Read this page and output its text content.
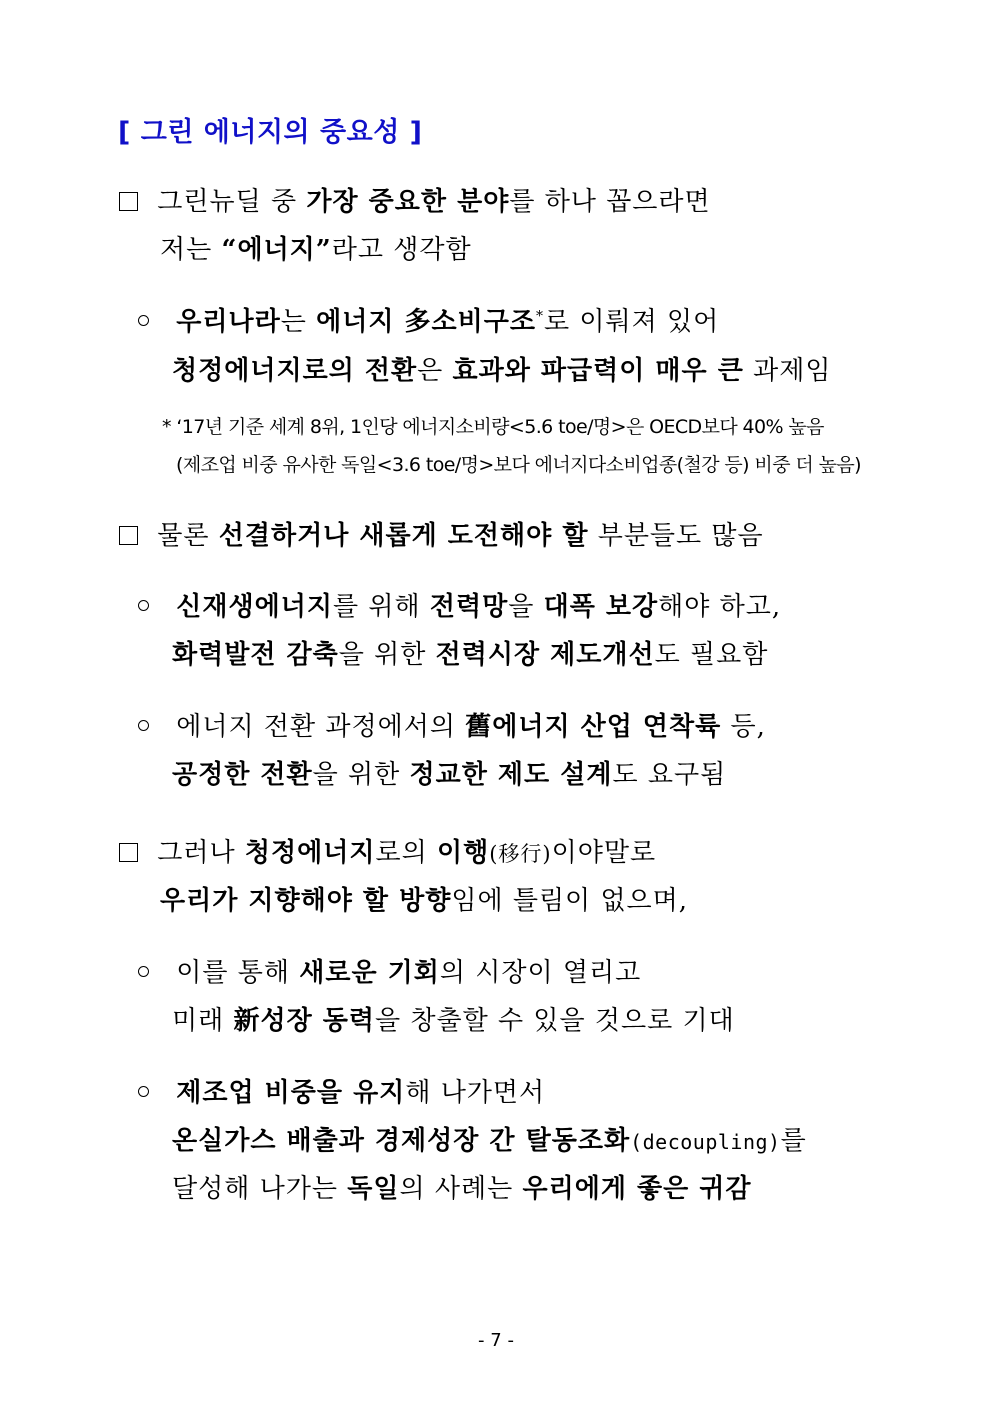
[ 그린 에너지의 중요성 ]
그린뉴딜 중 가장 중요한 분야를 하나 꼽으라면
저는 “에너지”라고 생각함
우리나라는 에너지 多소비구조*로 이뤄져 있어
청정에너지로의 전환은 효과와 파급력이 매우 큰 과제임
* ‘17년 기준 세계 8위, 1인당 에너지소비량<5.6 toe/명>은 OECD보다 40% 높음
(제조업 비중 유사한 독일<3.6 toe/명>보다 에너지다소비업종(철강 등) 비중 더 높음)
물론 선결하거나 새롭게 도전해야 할 부분들도 많음
신재생에너지를 위해 전력망을 대폭 보강해야 하고,
화력발전 감축을 위한 전력시장 제도개선도 필요함
에너지 전환 과정에서의 舊에너지 산업 연착륙 등,
공정한 전환을 위한 정교한 제도 설계도 요구됨
그러나 청정에너지로의 이행(移行)이야말로
우리가 지향해야 할 방향임에 틀림이 없으며,
이를 통해 새로운 기회의 시장이 열리고
미래 新성장 동력을 창출할 수 있을 것으로 기대
제조업 비중을 유지해 나가면서
온실가스 배출과 경제성장 간 탈동조화(decoupling)를
달성해 나가는 독일의 사례는 우리에게 좋은 귀감
- 7 -
